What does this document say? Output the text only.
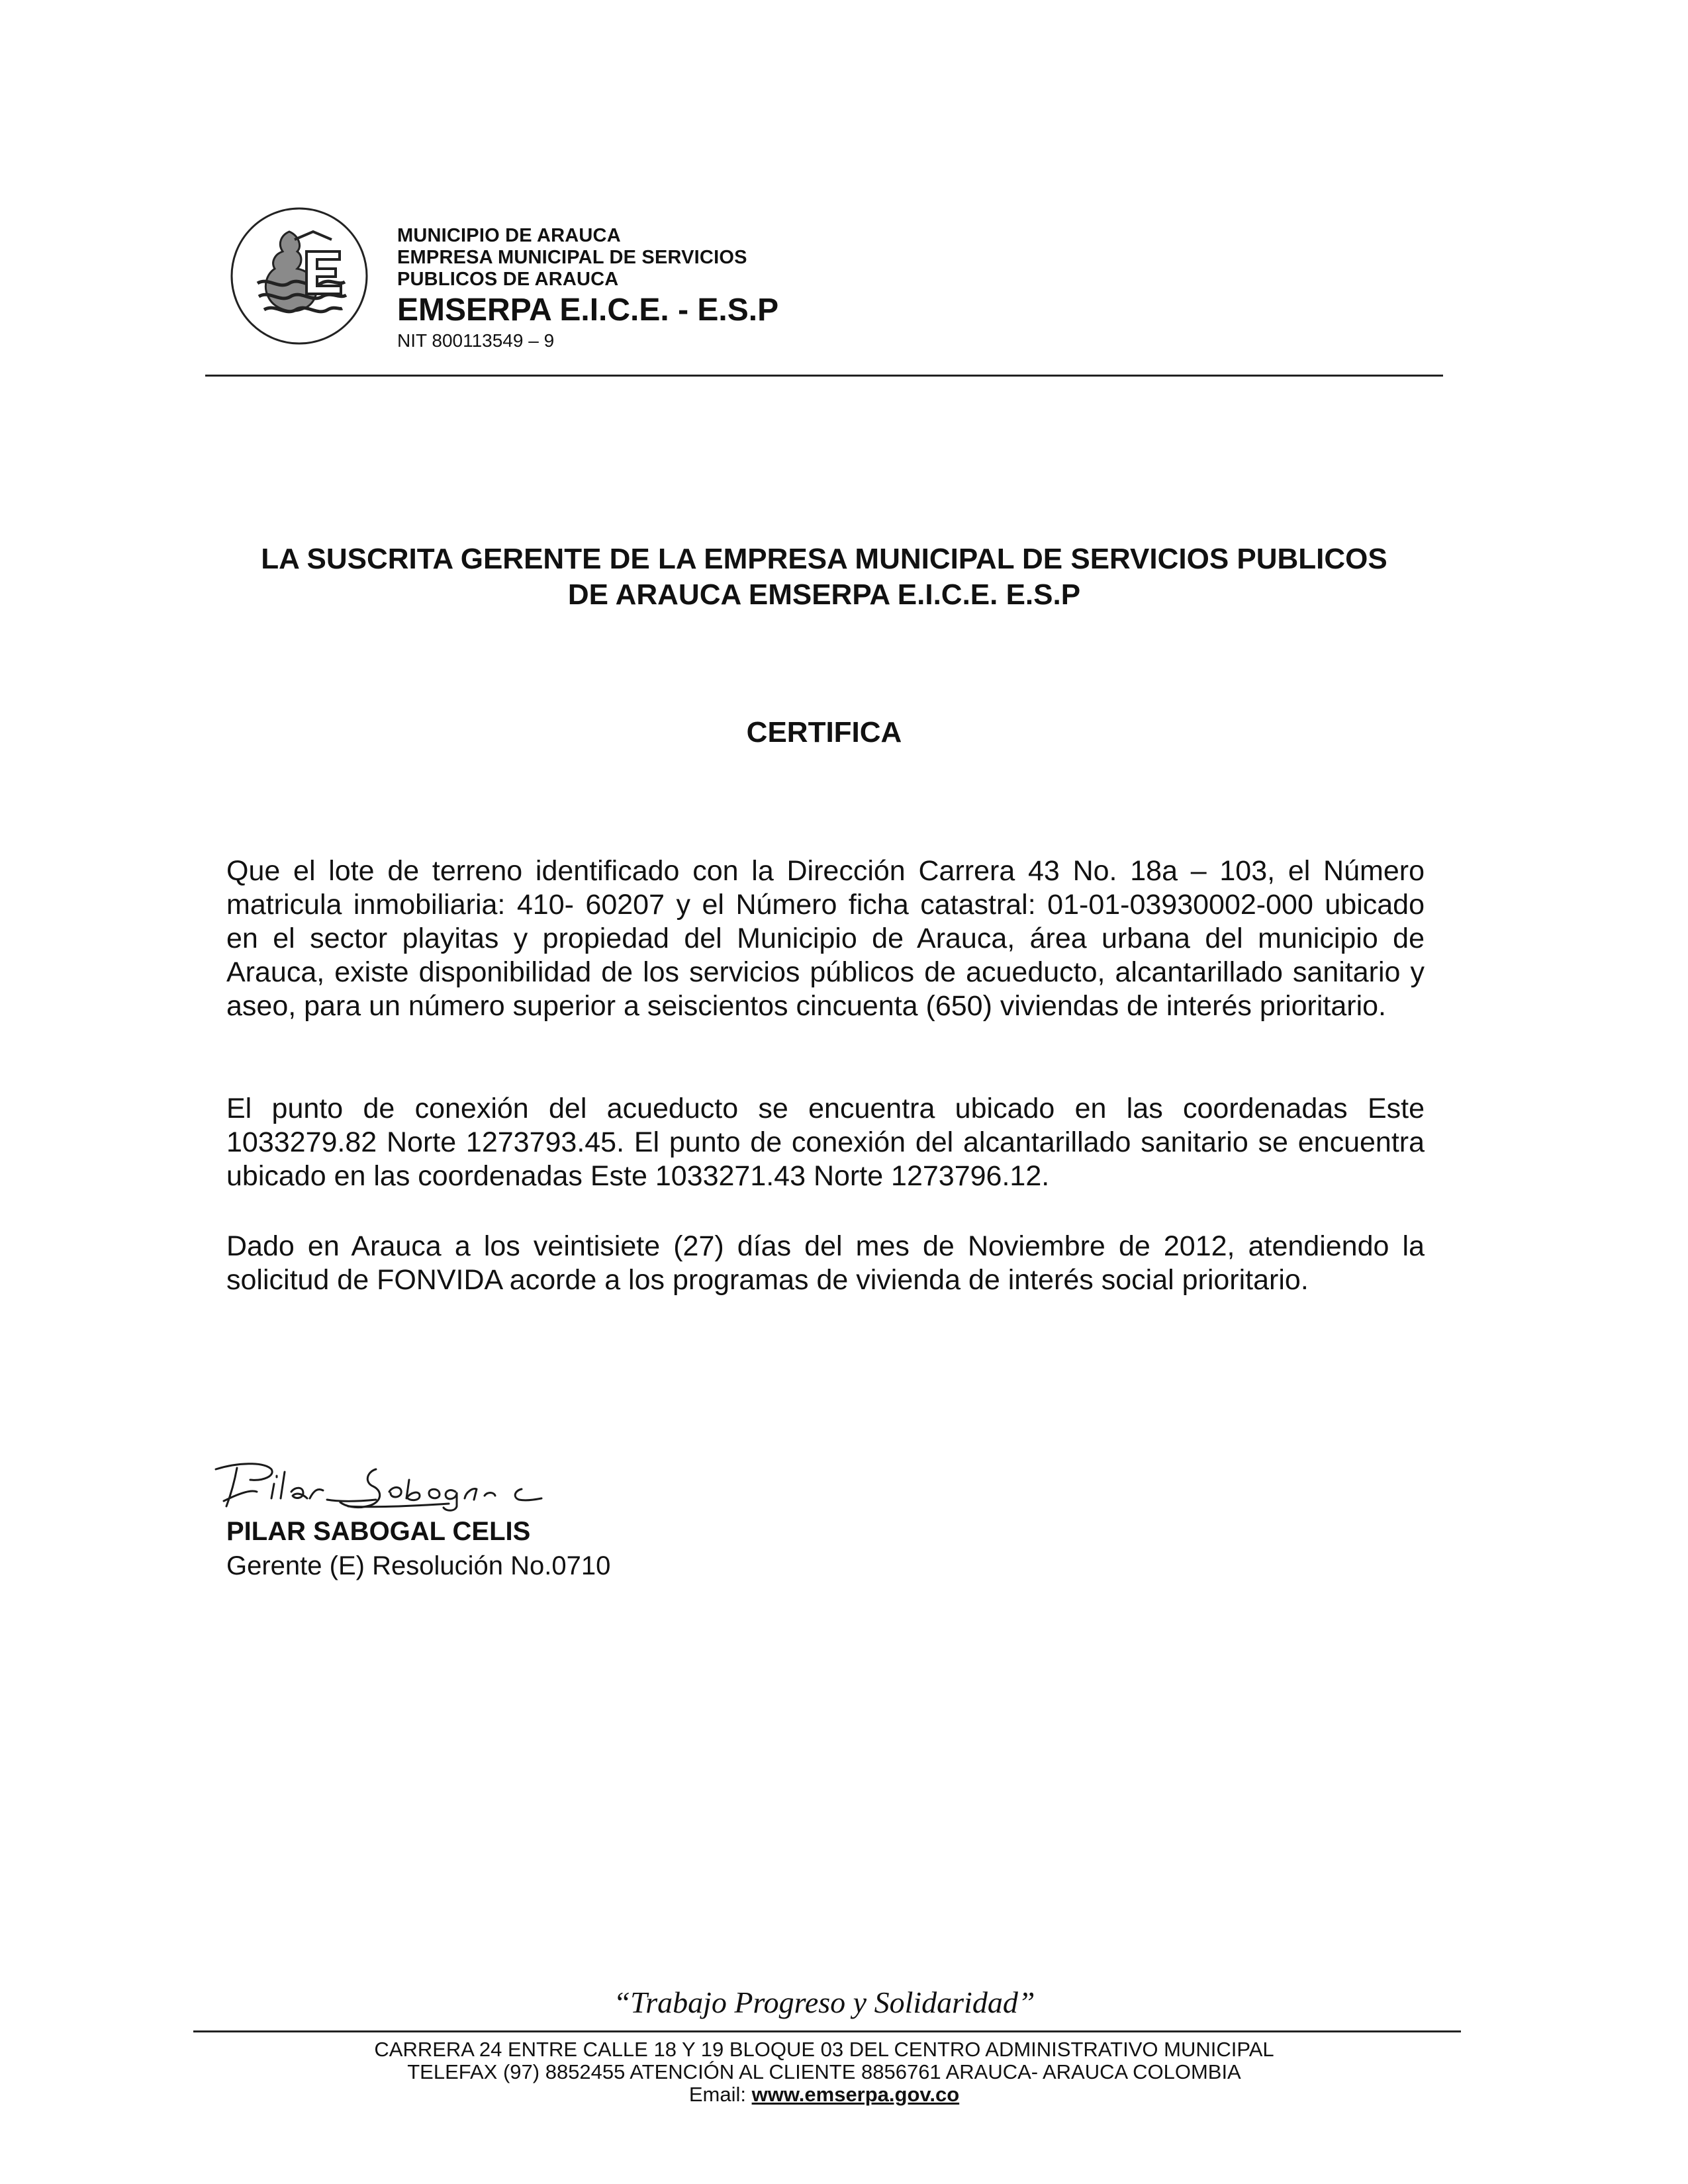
MUNICIPIO DE ARAUCA
EMPRESA MUNICIPAL DE SERVICIOS
PUBLICOS DE ARAUCA
EMSERPA E.I.C.E. - E.S.P
NIT 800113549 – 9
LA SUSCRITA GERENTE DE LA EMPRESA MUNICIPAL DE SERVICIOS PUBLICOS
DE ARAUCA EMSERPA E.I.C.E. E.S.P
CERTIFICA
Que el lote de terreno identificado con la Dirección Carrera 43 No. 18a – 103, el Número matricula inmobiliaria: 410- 60207 y el Número ficha catastral: 01-01-03930002-000 ubicado en el sector playitas y propiedad del Municipio de Arauca, área urbana del municipio de Arauca, existe disponibilidad de los servicios públicos de acueducto, alcantarillado sanitario y aseo, para un número superior a seiscientos cincuenta (650) viviendas de interés prioritario.
El punto de conexión del acueducto se encuentra ubicado en las coordenadas Este 1033279.82 Norte 1273793.45. El punto de conexión del alcantarillado sanitario se encuentra ubicado en las coordenadas Este 1033271.43 Norte 1273796.12.
Dado en Arauca a los veintisiete (27) días del mes de Noviembre de 2012, atendiendo la solicitud de FONVIDA acorde a los programas de vivienda de interés social prioritario.
PILAR SABOGAL CELIS
Gerente (E) Resolución No.0710
“Trabajo Progreso y Solidaridad”
CARRERA 24 ENTRE CALLE 18 Y 19 BLOQUE 03 DEL CENTRO ADMINISTRATIVO MUNICIPAL
TELEFAX (97) 8852455 ATENCIÓN AL CLIENTE 8856761 ARAUCA- ARAUCA COLOMBIA
Email: www.emserpa.gov.co
